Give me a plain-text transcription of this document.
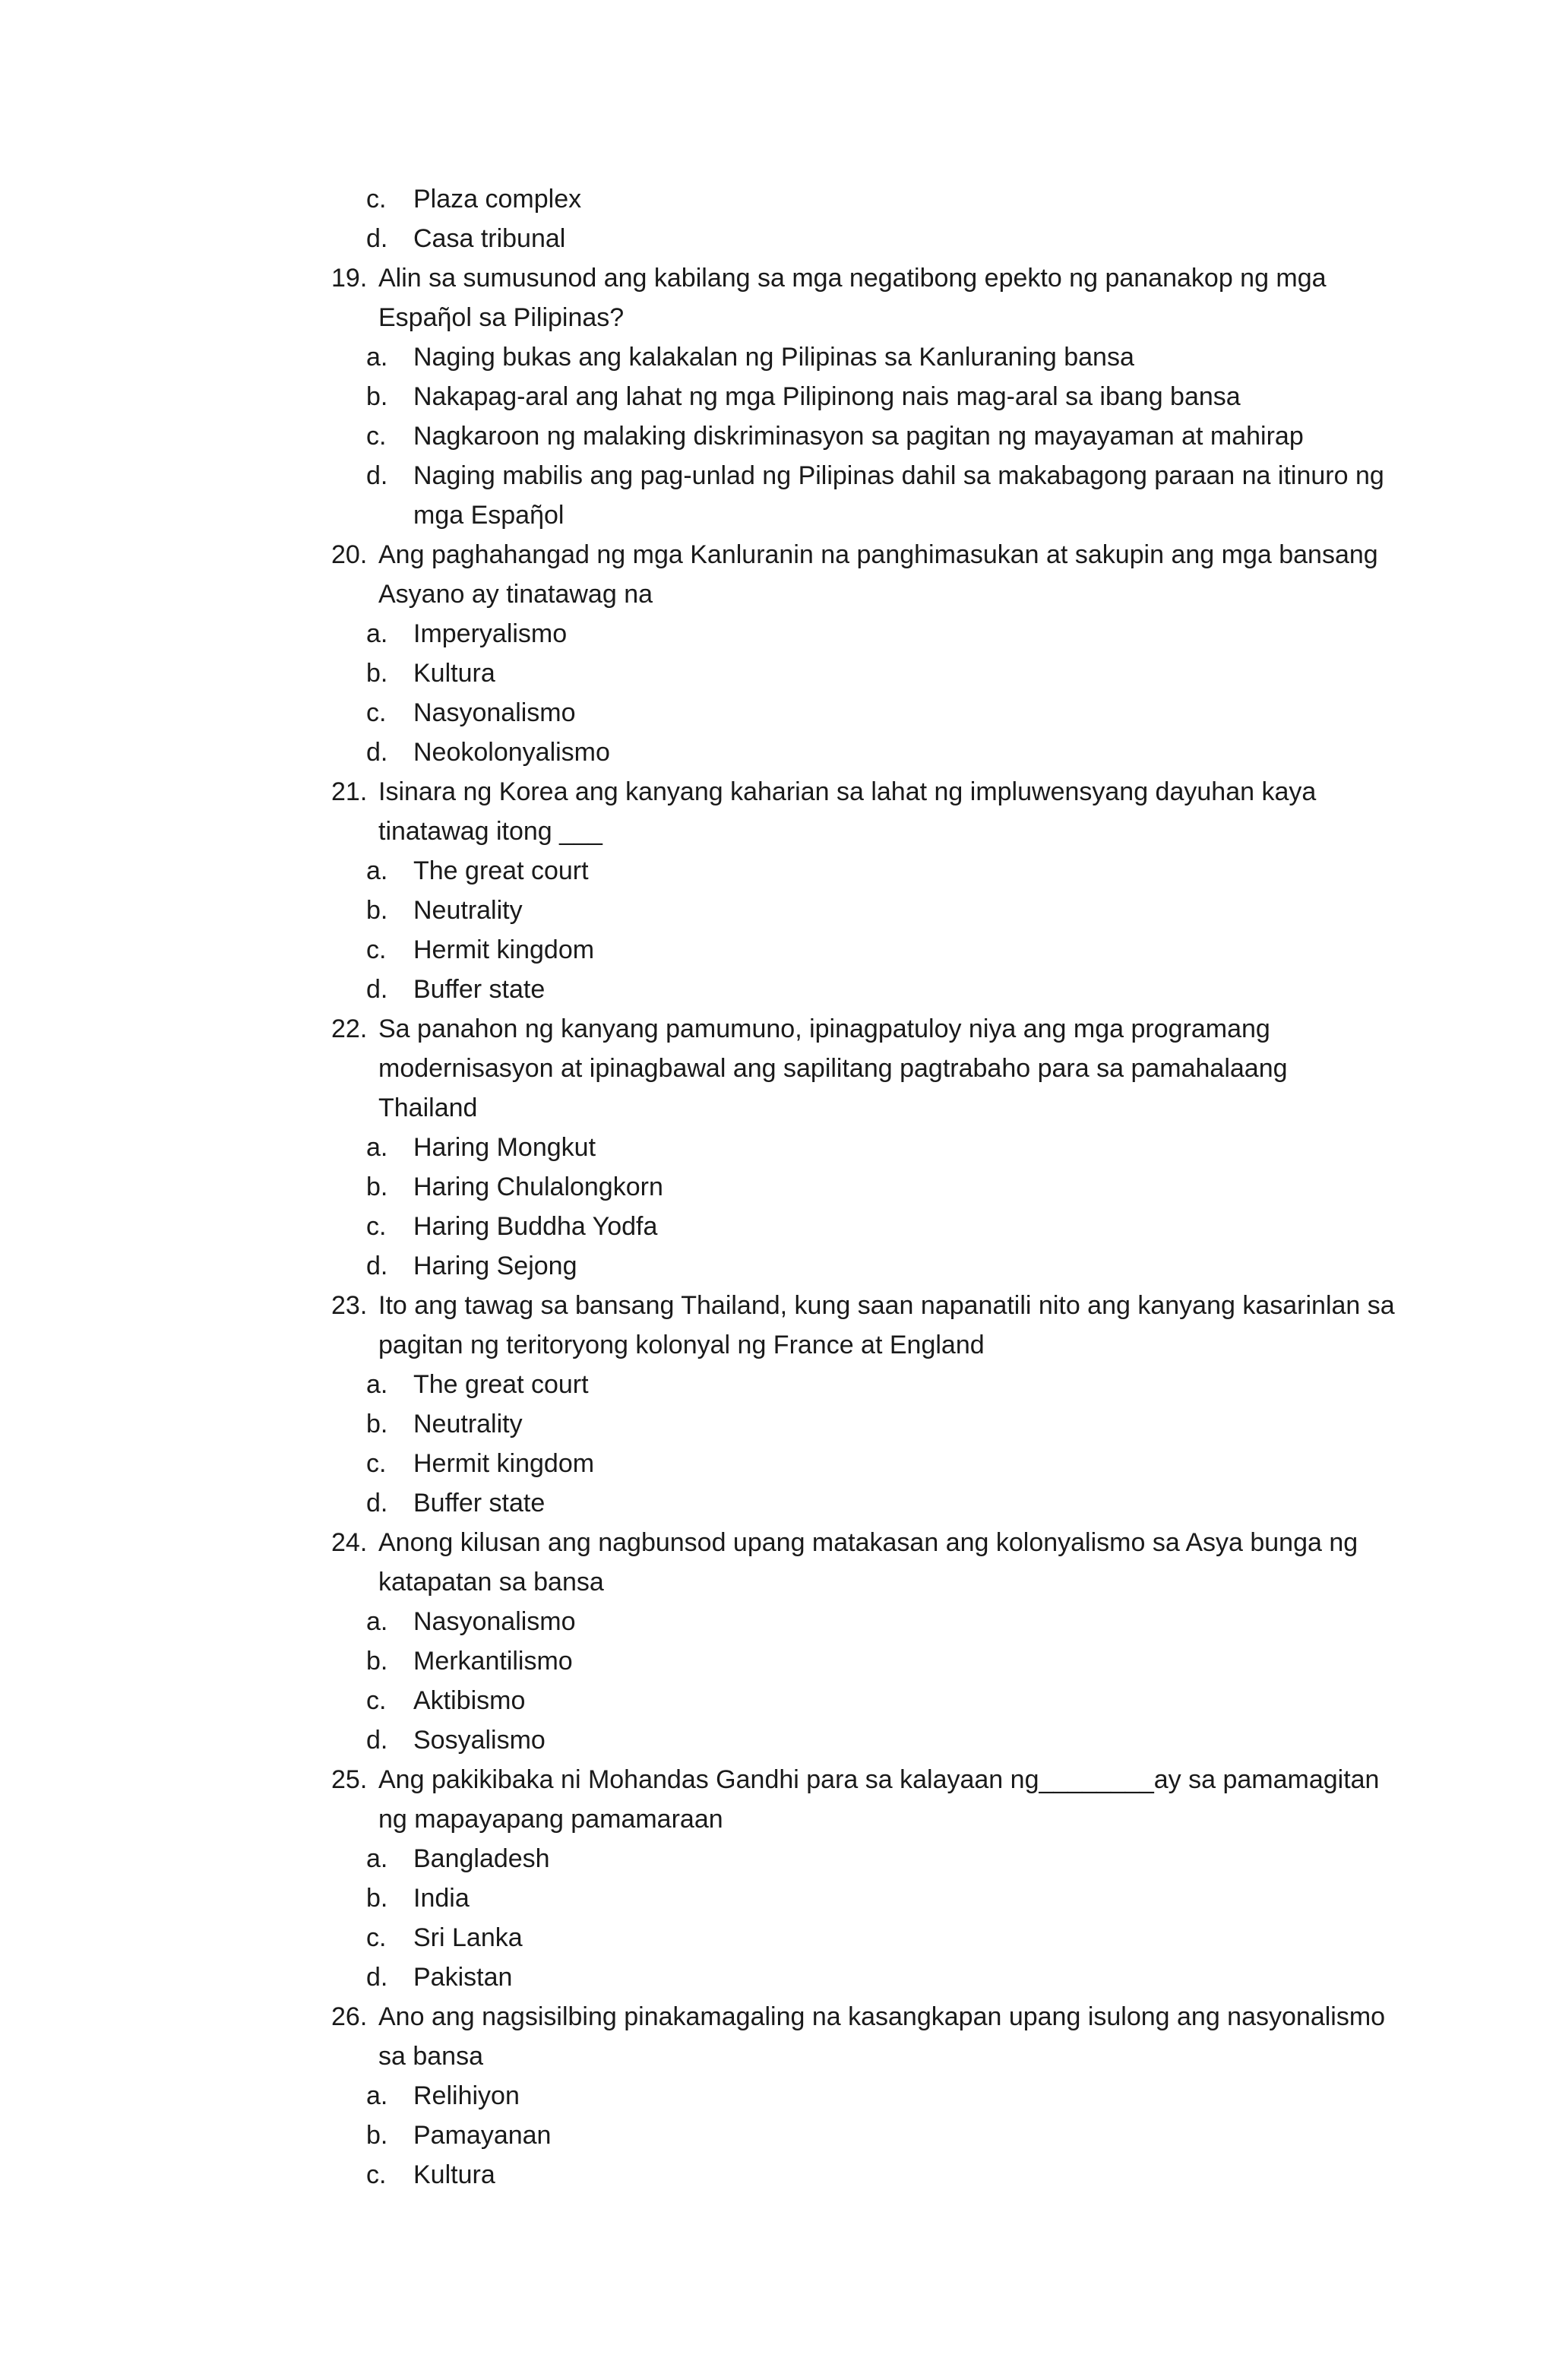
c. Plaza complex
d. Casa tribunal
19. Alin sa sumusunod ang kabilang sa mga negatibong epekto ng pananakop ng mga
Espaῆol sa Pilipinas?
a. Naging bukas ang kalakalan ng Pilipinas sa Kanluraning bansa
b. Nakapag-aral ang lahat ng mga Pilipinong nais mag-aral sa ibang bansa
c. Nagkaroon ng malaking diskriminasyon sa pagitan ng mayayaman at mahirap
d. Naging mabilis ang pag-unlad ng Pilipinas dahil sa makabagong paraan na itinuro ng
mga Espaῆol
20. Ang paghahangad ng mga Kanluranin na panghimasukan at sakupin ang mga bansang
Asyano ay tinatawag na
a. Imperyalismo
b. Kultura
c. Nasyonalismo
d. Neokolonyalismo
21. Isinara ng Korea ang kanyang kaharian sa lahat ng impluwensyang dayuhan kaya
tinatawag itong ___
a. The great court
b. Neutrality
c. Hermit kingdom
d. Buffer state
22. Sa panahon ng kanyang pamumuno, ipinagpatuloy niya ang mga programang
modernisasyon at ipinagbawal ang sapilitang pagtrabaho para sa pamahalaang
Thailand
a. Haring Mongkut
b. Haring Chulalongkorn
c. Haring Buddha Yodfa
d. Haring Sejong
23. Ito ang tawag sa bansang Thailand, kung saan napanatili nito ang kanyang kasarinlan sa
pagitan ng teritoryong kolonyal ng France at England
a. The great court
b. Neutrality
c. Hermit kingdom
d. Buffer state
24. Anong kilusan ang nagbunsod upang matakasan ang kolonyalismo sa Asya bunga ng
katapatan sa bansa
a. Nasyonalismo
b. Merkantilismo
c. Aktibismo
d. Sosyalismo
25. Ang pakikibaka ni Mohandas Gandhi para sa kalayaan ng________ay sa pamamagitan
ng mapayapang pamamaraan
a. Bangladesh
b. India
c. Sri Lanka
d. Pakistan
26. Ano ang nagsisilbing pinakamagaling na kasangkapan upang isulong ang nasyonalismo
sa bansa
a. Relihiyon
b. Pamayanan
c. Kultura
